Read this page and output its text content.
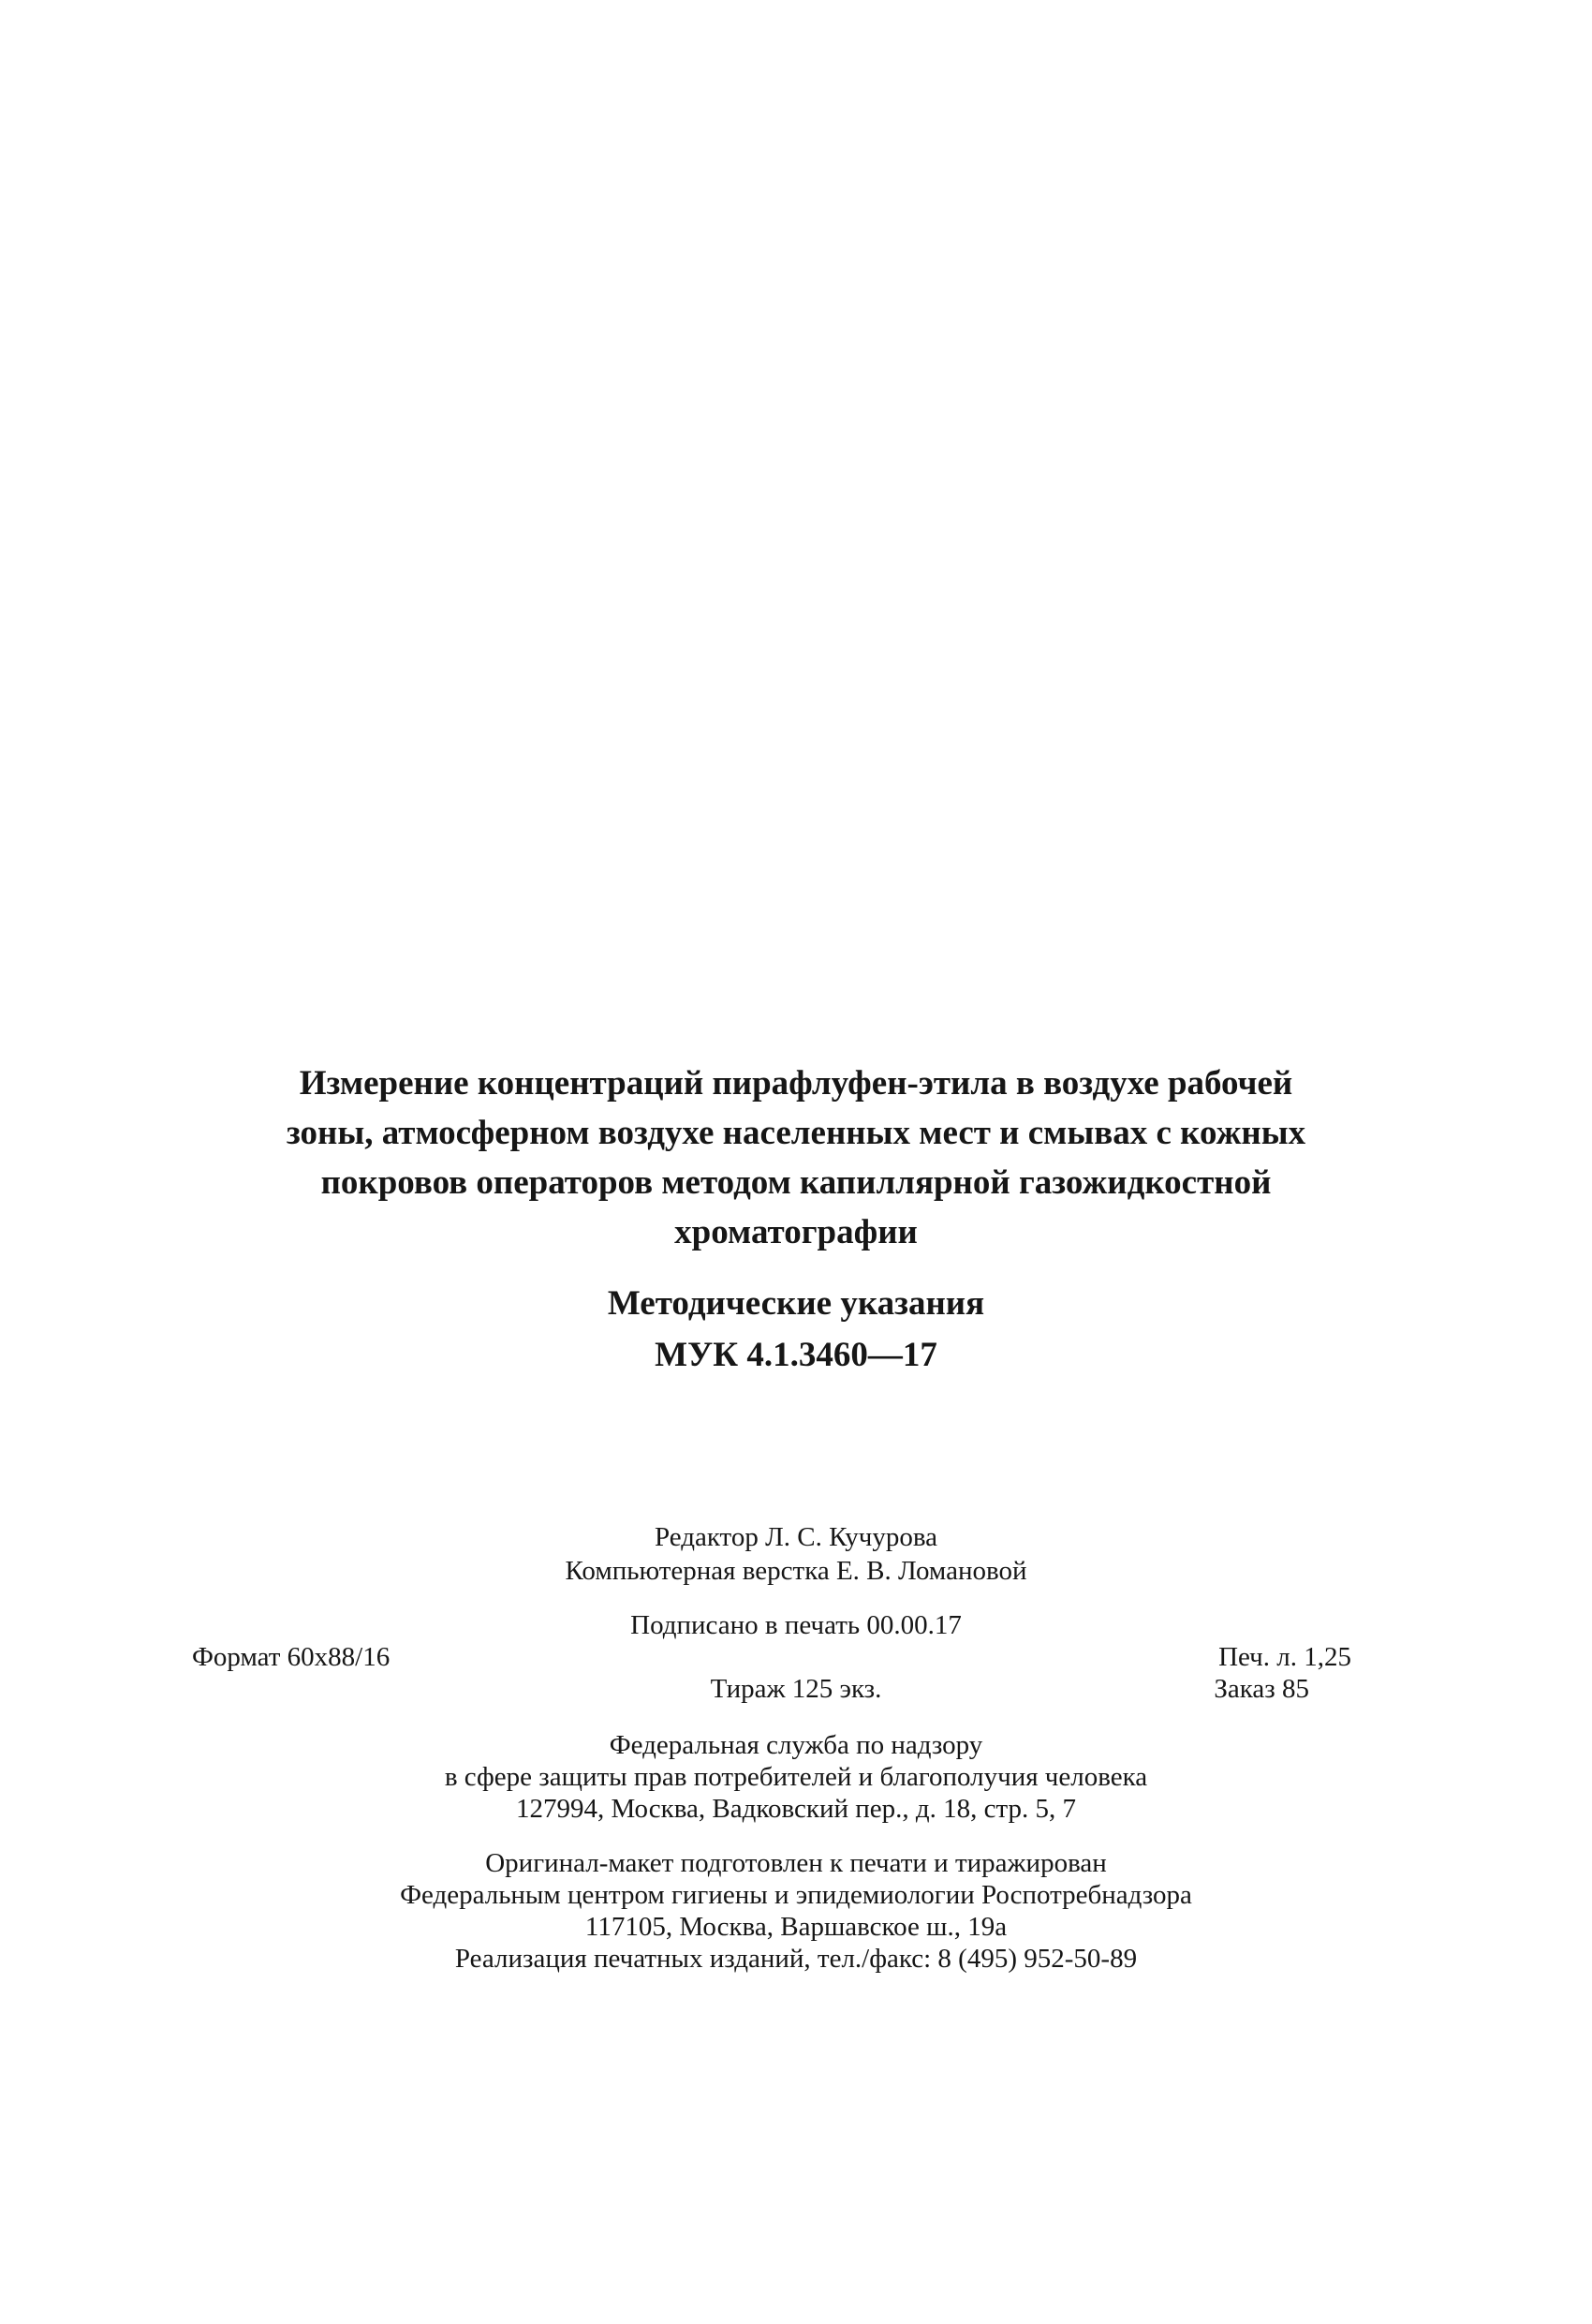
Измерение концентраций пирафлуфен-этила в воздухе рабочей
зоны, атмосферном воздухе населенных мест и смывах с кожных
покровов операторов методом капиллярной газожидкостной
хроматографии
Методические указания
МУК 4.1.3460—17
Редактор Л. С. Кучурова
Компьютерная верстка Е. В. Ломановой
Подписано в печать 00.00.17
Формат 60x88/16	Печ. л. 1,25
Тираж 125 экз.	Заказ 85
Федеральная служба по надзору
в сфере защиты прав потребителей и благополучия человека
127994, Москва, Вадковский пер., д. 18, стр. 5, 7
Оригинал-макет подготовлен к печати и тиражирован
Федеральным центром гигиены и эпидемиологии Роспотребнадзора
117105, Москва, Варшавское ш., 19а
Реализация печатных изданий, тел./факс: 8 (495) 952-50-89
